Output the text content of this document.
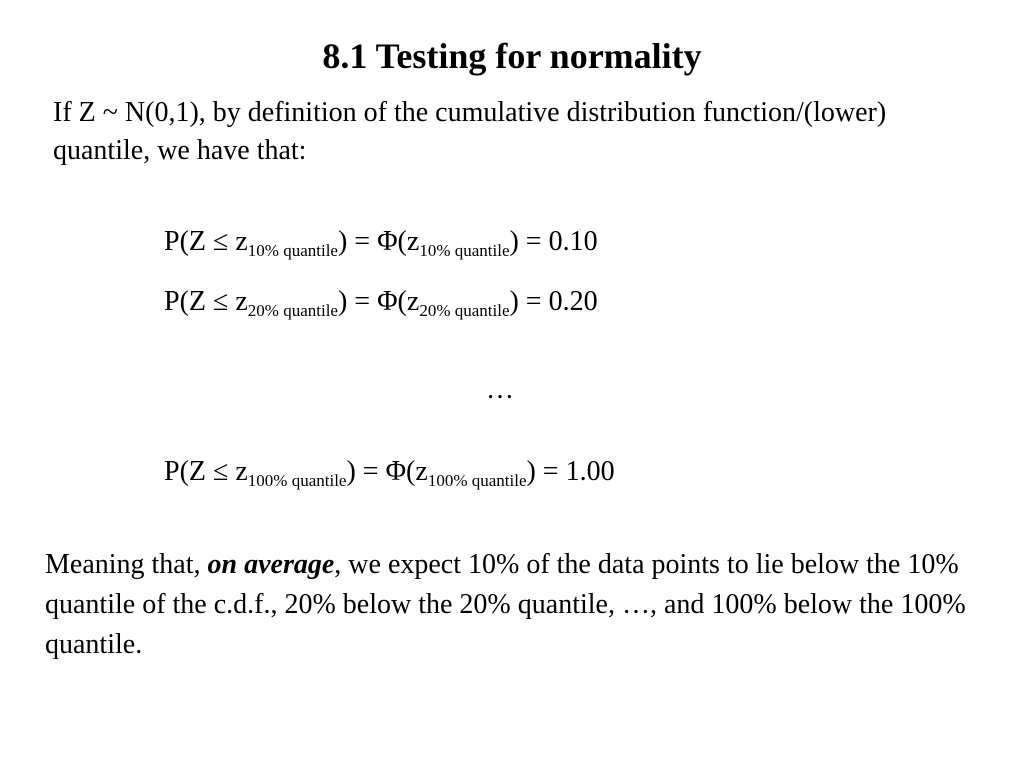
8.1 Testing for normality

If Z ~ N(0,1), by definition of the cumulative distribution function/(lower) quantile, we have that:

$P(Z \le z_{10\% quantile}) = \Phi(z_{10\% quantile}) = 0.10$
$P(Z \le z_{20\% quantile}) = \Phi(z_{20\% quantile}) = 0.20$
…
$P(Z \le z_{100\% quantile}) = \Phi(z_{100\% quantile}) = 1.00$

Meaning that, on average, we expect 10% of the data points to lie below the 10% quantile of the c.d.f., 20% below the 20% quantile, …, and 100% below the 100% quantile.
